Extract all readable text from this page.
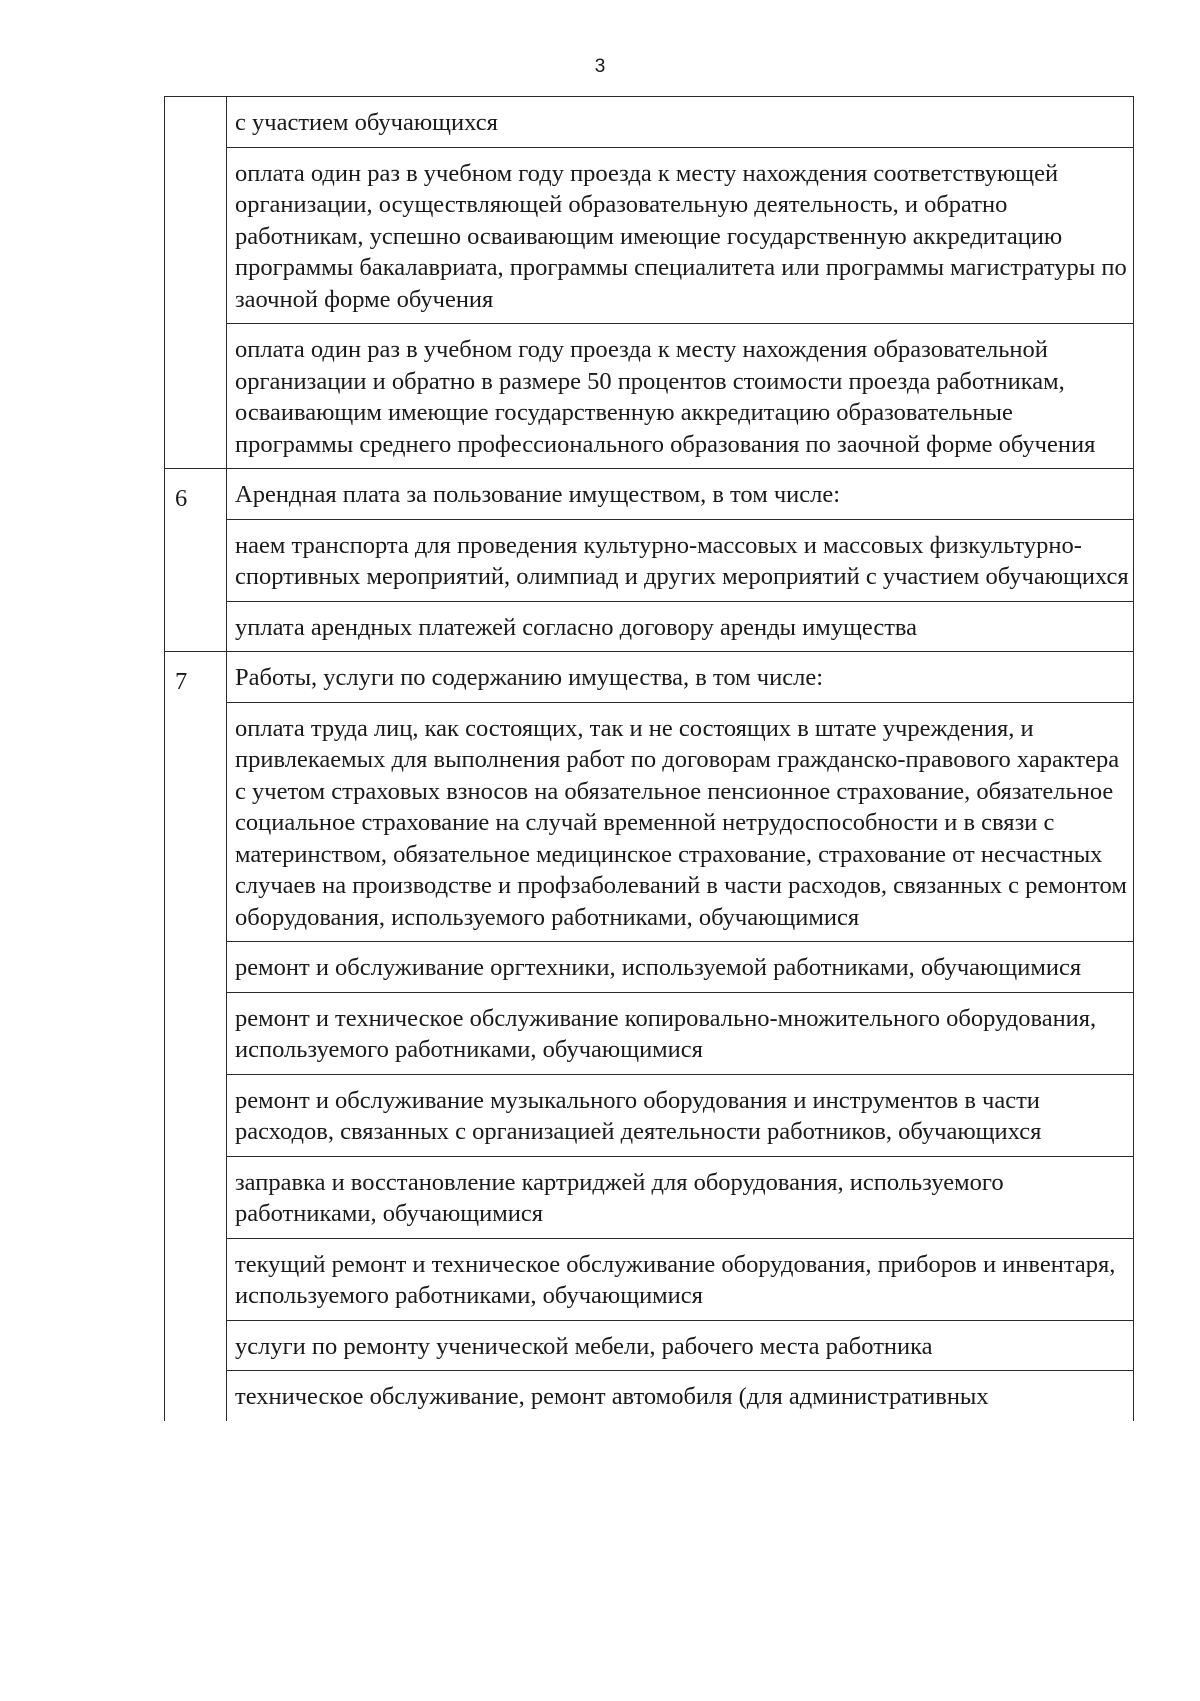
3
	с участием обучающихся
	оплата один раз в учебном году проезда к месту нахождения соответствующей организации, осуществляющей образовательную деятельность, и обратно работникам, успешно осваивающим имеющие государственную аккредитацию программы бакалавриата, программы специалитета или программы магистратуры по заочной форме обучения
	оплата один раз в учебном году проезда к месту нахождения образовательной организации и обратно в размере 50 процентов стоимости проезда работникам, осваивающим имеющие государственную аккредитацию образовательные программы среднего профессионального образования по заочной форме обучения
6	Арендная плата за пользование имуществом, в том числе:
	наем транспорта для проведения культурно-массовых и массовых физкультурно-спортивных мероприятий, олимпиад и других мероприятий с участием обучающихся
	уплата арендных платежей согласно договору аренды имущества
7	Работы, услуги по содержанию имущества, в том числе:
	оплата труда лиц, как состоящих, так и не состоящих в штате учреждения, и привлекаемых для выполнения работ по договорам гражданско-правового характера с учетом страховых взносов на обязательное пенсионное страхование, обязательное социальное страхование на случай временной нетрудоспособности и в связи с материнством, обязательное медицинское страхование, страхование от несчастных случаев на производстве и профзаболеваний в части расходов, связанных с ремонтом оборудования, используемого работниками, обучающимися
	ремонт и обслуживание оргтехники, используемой работниками, обучающимися
	ремонт и техническое обслуживание копировально-множительного оборудования, используемого работниками, обучающимися
	ремонт и обслуживание музыкального оборудования и инструментов в части расходов, связанных с организацией деятельности работников, обучающихся
	заправка и восстановление картриджей для оборудования, используемого работниками, обучающимися
	текущий ремонт и техническое обслуживание оборудования, приборов и инвентаря, используемого работниками, обучающимися
	услуги по ремонту ученической мебели, рабочего места работника
	техническое обслуживание, ремонт автомобиля (для административных
